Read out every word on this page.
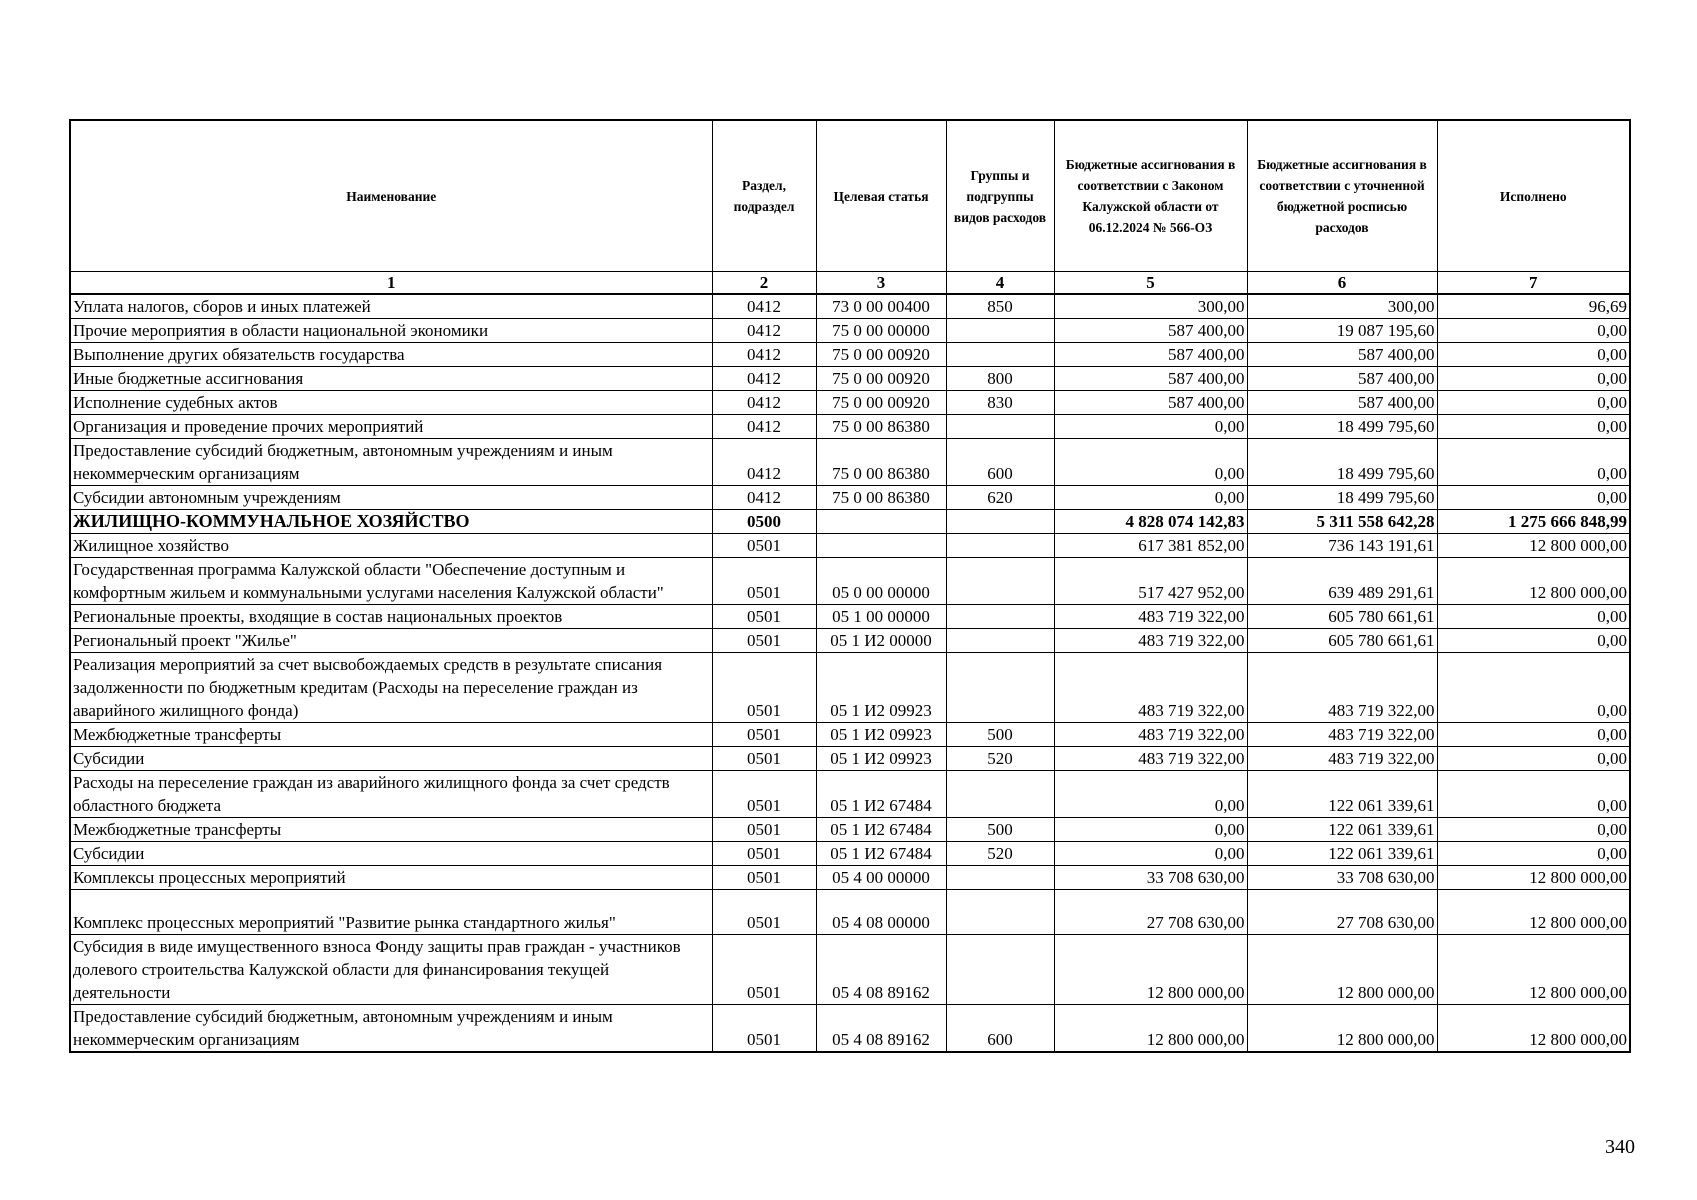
Наименование	Раздел, подраздел	Целевая статья	Группы и подгруппы видов расходов	Бюджетные ассигнования в соответствии с Законом Калужской области от 06.12.2024 № 566-ОЗ	Бюджетные ассигнования в соответствии с уточненной бюджетной росписью расходов	Исполнено
1	2	3	4	5	6	7
Уплата налогов, сборов и иных платежей	0412	73 0 00 00400	850	300,00	300,00	96,69
Прочие мероприятия в области национальной экономики	0412	75 0 00 00000		587 400,00	19 087 195,60	0,00
Выполнение других обязательств государства	0412	75 0 00 00920		587 400,00	587 400,00	0,00
Иные бюджетные ассигнования	0412	75 0 00 00920	800	587 400,00	587 400,00	0,00
Исполнение судебных актов	0412	75 0 00 00920	830	587 400,00	587 400,00	0,00
Организация и проведение прочих мероприятий	0412	75 0 00 86380		0,00	18 499 795,60	0,00
Предоставление субсидий бюджетным, автономным учреждениям и иным некоммерческим организациям	0412	75 0 00 86380	600	0,00	18 499 795,60	0,00
Субсидии автономным учреждениям	0412	75 0 00 86380	620	0,00	18 499 795,60	0,00
ЖИЛИЩНО-КОММУНАЛЬНОЕ ХОЗЯЙСТВО	0500			4 828 074 142,83	5 311 558 642,28	1 275 666 848,99
Жилищное хозяйство	0501			617 381 852,00	736 143 191,61	12 800 000,00
Государственная программа Калужской области "Обеспечение доступным и комфортным жильем и коммунальными услугами населения Калужской области"	0501	05 0 00 00000		517 427 952,00	639 489 291,61	12 800 000,00
Региональные проекты, входящие в состав национальных проектов	0501	05 1 00 00000		483 719 322,00	605 780 661,61	0,00
Региональный проект "Жилье"	0501	05 1 И2 00000		483 719 322,00	605 780 661,61	0,00
Реализация мероприятий за счет высвобождаемых средств в результате списания задолженности по бюджетным кредитам (Расходы на переселение граждан из аварийного жилищного фонда)	0501	05 1 И2 09923		483 719 322,00	483 719 322,00	0,00
Межбюджетные трансферты	0501	05 1 И2 09923	500	483 719 322,00	483 719 322,00	0,00
Субсидии	0501	05 1 И2 09923	520	483 719 322,00	483 719 322,00	0,00
Расходы на переселение граждан из аварийного жилищного фонда за счет средств областного бюджета	0501	05 1 И2 67484		0,00	122 061 339,61	0,00
Межбюджетные трансферты	0501	05 1 И2 67484	500	0,00	122 061 339,61	0,00
Субсидии	0501	05 1 И2 67484	520	0,00	122 061 339,61	0,00
Комплексы процессных мероприятий	0501	05 4 00 00000		33 708 630,00	33 708 630,00	12 800 000,00
Комплекс процессных мероприятий "Развитие рынка стандартного жилья"	0501	05 4 08 00000		27 708 630,00	27 708 630,00	12 800 000,00
Субсидия в виде имущественного взноса Фонду защиты прав граждан - участников долевого строительства Калужской области для финансирования текущей деятельности	0501	05 4 08 89162		12 800 000,00	12 800 000,00	12 800 000,00
Предоставление субсидий бюджетным, автономным учреждениям и иным некоммерческим организациям	0501	05 4 08 89162	600	12 800 000,00	12 800 000,00	12 800 000,00
340
